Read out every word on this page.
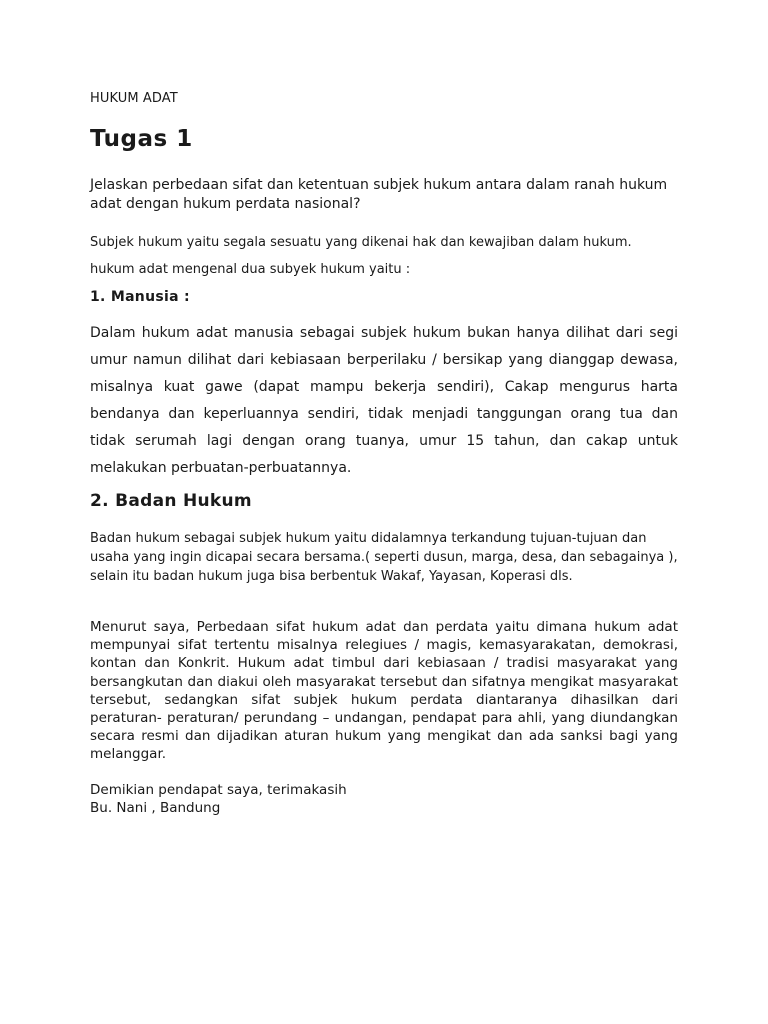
HUKUM ADAT
Tugas 1
Jelaskan perbedaan sifat dan ketentuan subjek hukum antara dalam ranah hukum adat dengan hukum perdata nasional?
Subjek hukum yaitu segala sesuatu yang dikenai hak dan kewajiban dalam hukum.
hukum adat mengenal dua subyek hukum yaitu :
1. Manusia :
Dalam hukum adat manusia sebagai subjek hukum bukan hanya dilihat dari segi umur namun dilihat dari kebiasaan berperilaku / bersikap yang dianggap dewasa, misalnya kuat gawe (dapat mampu bekerja sendiri), Cakap mengurus harta bendanya dan keperluannya sendiri, tidak menjadi tanggungan orang tua dan tidak serumah lagi dengan orang tuanya, umur 15 tahun, dan cakap untuk melakukan perbuatan-perbuatannya.
2. Badan Hukum
Badan hukum sebagai subjek hukum yaitu didalamnya terkandung tujuan-tujuan dan usaha yang ingin dicapai secara bersama.( seperti dusun, marga, desa, dan sebagainya ), selain itu badan hukum juga bisa berbentuk Wakaf, Yayasan, Koperasi dls.
Menurut saya, Perbedaan sifat hukum adat dan perdata yaitu dimana hukum adat mempunyai sifat tertentu misalnya relegiues / magis, kemasyarakatan, demokrasi, kontan dan Konkrit. Hukum adat timbul dari kebiasaan / tradisi masyarakat yang bersangkutan dan diakui oleh masyarakat tersebut dan sifatnya mengikat masyarakat tersebut, sedangkan sifat subjek hukum perdata diantaranya dihasilkan dari peraturan- peraturan/ perundang – undangan, pendapat para ahli, yang diundangkan secara resmi dan dijadikan aturan hukum yang mengikat dan ada sanksi bagi yang melanggar.
Demikian pendapat saya, terimakasih
Bu. Nani , Bandung
